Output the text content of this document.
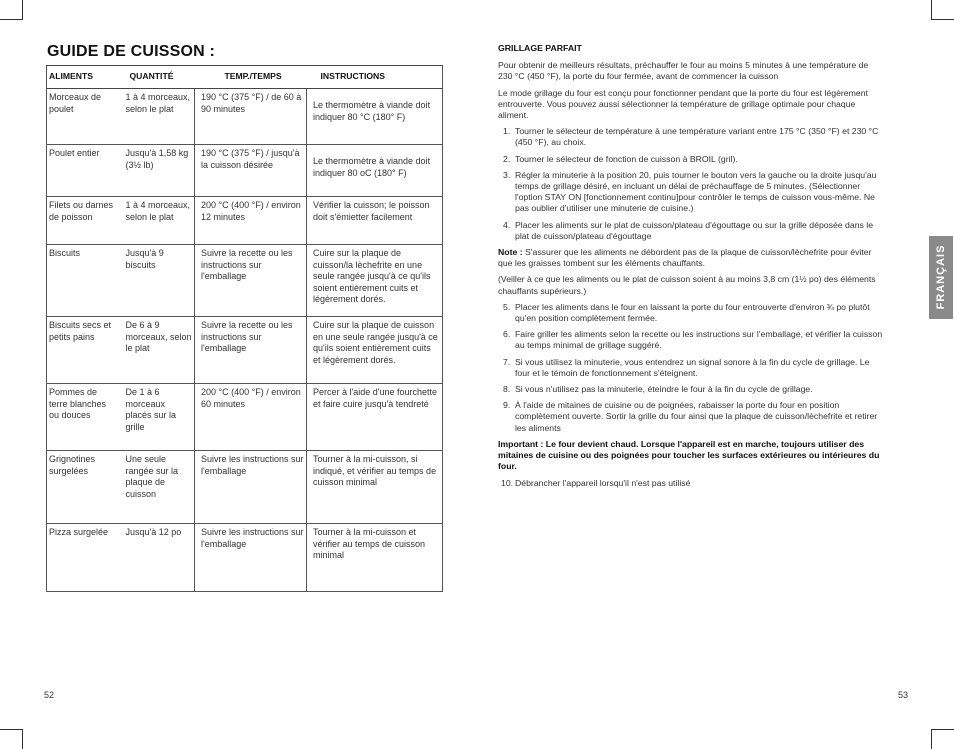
GUIDE DE CUISSON :
ALIMENTS	QUANTITÉ	TEMP./TEMPS	INSTRUCTIONS
Morceaux de poulet	1 à 4 morceaux, selon le plat	190 °C (375 °F) / de 60 à 90 minutes	Le thermomètre à viande doit indiquer 80 °C (180° F)
Poulet entier	Jusqu'à 1,58 kg (3½ lb)	190 °C (375 °F) / jusqu'à la cuisson désirée	Le thermomètre à viande doit indiquer 80 oC (180° F)
Filets ou darnes de poisson	1 à 4 morceaux, selon le plat	200 °C (400 °F) / environ 12 minutes	Vérifier la cuisson; le poisson doit s'émietter facilement
Biscuits	Jusqu'à 9 biscuits	Suivre la recette ou les instructions sur l'emballage	Cuire sur la plaque de cuisson/la lèchefrite en une seule rangée jusqu'à ce qu'ils soient entièrement cuits et légèrement dorés.
Biscuits secs et petits pains	De 6 à 9 morceaux, selon le plat	Suivre la recette ou les instructions sur l'emballage	Cuire sur la plaque de cuisson en une seule rangée jusqu'à ce qu'ils soient entièrement cuits et légèrement dorés.
Pommes de terre blanches ou douces	De 1 à 6 morceaux placés sur la grille	200 °C (400 °F) / environ 60 minutes	Percer à l'aide d'une fourchette et faire cuire jusqu'à tendreté
Grignotines surgelées	Une seule rangée sur la plaque de cuisson	Suivre les instructions sur l'emballage	Tourner à la mi-cuisson, si indiqué, et vérifier au temps de cuisson minimal
Pizza surgelée	Jusqu'à 12 po	Suivre les instructions sur l'emballage	Tourner à la mi-cuisson et vérifier au temps de cuisson minimal
52

GRILLAGE PARFAIT

Pour obtenir de meilleurs résultats, préchauffer le four au moins 5 minutes à une température de 230 °C (450 °F), la porte du four fermée, avant de commencer la cuisson

Le mode grillage du four est conçu pour fonctionner pendant que la porte du four est légèrement entrouverte. Vous pouvez aussi sélectionner la température de grillage optimale pour chaque aliment.

1. Tourner le sélecteur de température à une température variant entre 175 °C (350 °F) et 230 °C (450 °F), au choix.
2. Tourner le sélecteur de fonction de cuisson à BROIL (gril).
3. Régler la minuterie à la position 20, puis tourner le bouton vers la gauche ou la droite jusqu'au temps de grillage désiré, en incluant un délai de préchauffage de 5 minutes. (Sélectionner l'option STAY ON [fonctionnement continu]pour contrôler le temps de cuisson vous-même. Ne pas oublier d'utiliser une minuterie de cuisine.)
4. Placer les aliments sur le plat de cuisson/plateau d'égouttage ou sur la grille déposée dans le plat de cuisson/plateau d'égouttage

Note : S'assurer que les aliments ne débordent pas de la plaque de cuisson/lèchefrite pour éviter que les graisses tombent sur les éléments chauffants.

(Veiller à ce que les aliments ou le plat de cuisson soient à au moins 3,8 cm (1½ po) des éléments chauffants supérieurs.)

5. Placer les aliments dans le four en laissant la porte du four entrouverte d'environ ¾ po plutôt qu'en position complètement fermée.
6. Faire griller les aliments selon la recette ou les instructions sur l'emballage, et vérifier la cuisson au temps minimal de grillage suggéré.
7. Si vous utilisez la minuterie, vous entendrez un signal sonore à la fin du cycle de grillage. Le four et le témoin de fonctionnement s'éteignent.
8. Si vous n'utilisez pas la minuterie, éteindre le four à la fin du cycle de grillage.
9. À l'aide de mitaines de cuisine ou de poignées, rabaisser la porte du four en position complètement ouverte. Sortir la grille du four ainsi que la plaque de cuisson/lèchefrite et retirer les aliments

Important : Le four devient chaud. Lorsque l'appareil est en marche, toujours utiliser des mitaines de cuisine ou des poignées pour toucher les surfaces extérieures ou intérieures du four.

10. Débrancher l'appareil lorsqu'il n'est pas utilisé
FRANÇAIS
53
